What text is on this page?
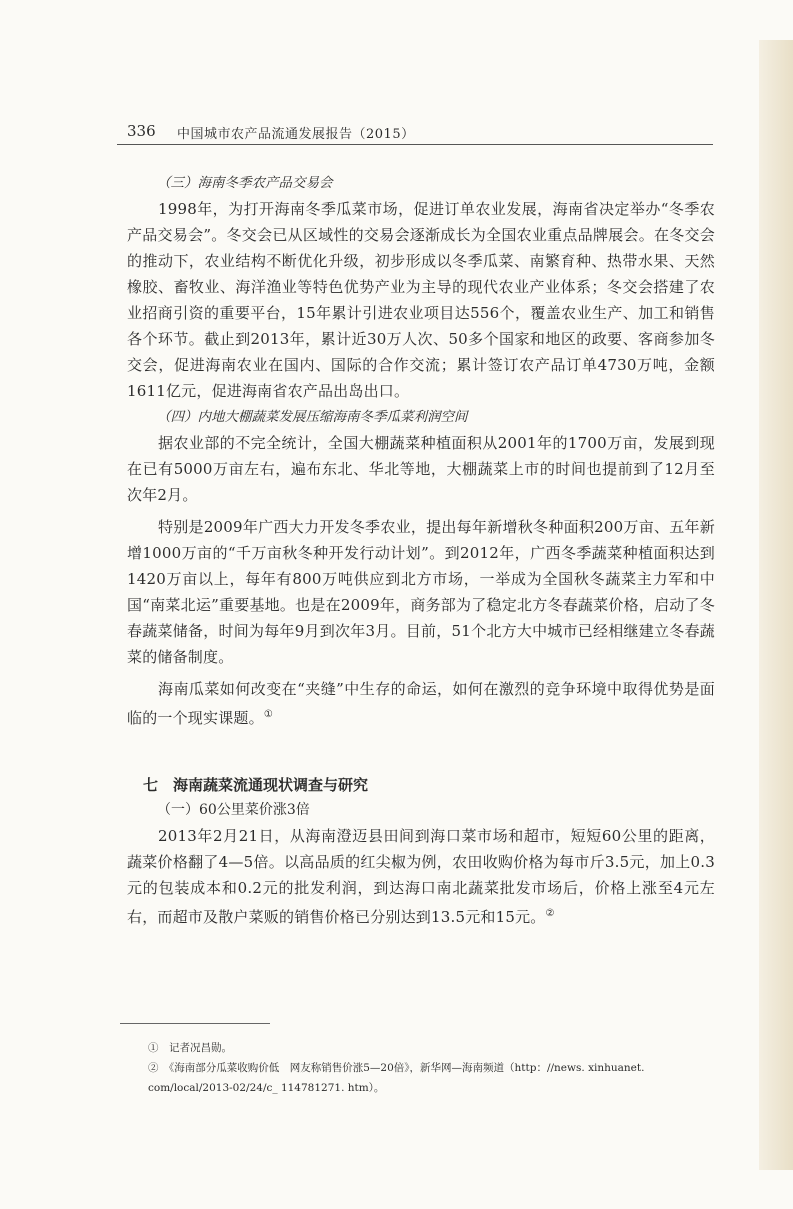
336 中国城市农产品流通发展报告（2015）

（三）海南冬季农产品交易会

1998年，为打开海南冬季瓜菜市场，促进订单农业发展，海南省决定举办“冬季农产品交易会”。冬交会已从区域性的交易会逐渐成长为全国农业重点品牌展会。在冬交会的推动下，农业结构不断优化升级，初步形成以冬季瓜菜、南繁育种、热带水果、天然橡胶、畜牧业、海洋渔业等特色优势产业为主导的现代农业产业体系；冬交会搭建了农业招商引资的重要平台，15年累计引进农业项目达556个，覆盖农业生产、加工和销售各个环节。截止到2013年，累计近30万人次、50多个国家和地区的政要、客商参加冬交会，促进海南农业在国内、国际的合作交流；累计签订农产品订单4730万吨，金额1611亿元，促进海南省农产品出岛出口。

（四）内地大棚蔬菜发展压缩海南冬季瓜菜利润空间

据农业部的不完全统计，全国大棚蔬菜种植面积从2001年的1700万亩，发展到现在已有5000万亩左右，遍布东北、华北等地，大棚蔬菜上市的时间也提前到了12月至次年2月。

特别是2009年广西大力开发冬季农业，提出每年新增秋冬种面积200万亩、五年新增1000万亩的“千万亩秋冬种开发行动计划”。到2012年，广西冬季蔬菜种植面积达到1420万亩以上，每年有800万吨供应到北方市场，一举成为全国秋冬蔬菜主力军和中国“南菜北运”重要基地。也是在2009年，商务部为了稳定北方冬春蔬菜价格，启动了冬春蔬菜储备，时间为每年9月到次年3月。目前，51个北方大中城市已经相继建立冬春蔬菜的储备制度。

海南瓜菜如何改变在“夹缝”中生存的命运，如何在激烈的竞争环境中取得优势是面临的一个现实课题。①

七　海南蔬菜流通现状调查与研究

（一）60公里菜价涨3倍

2013年2月21日，从海南澄迈县田间到海口菜市场和超市，短短60公里的距离，蔬菜价格翻了4—5倍。以高品质的红尖椒为例，农田收购价格为每市斤3.5元，加上0.3元的包装成本和0.2元的批发利润，到达海口南北蔬菜批发市场后，价格上涨至4元左右，而超市及散户菜贩的销售价格已分别达到13.5元和15元。②

①　记者况昌勋。

②　《海南部分瓜菜收购价低　网友称销售价涨5—20倍》，新华网—海南频道（http：//news. xinhuanet. com/local/2013-02/24/c_ 114781271. htm）。
